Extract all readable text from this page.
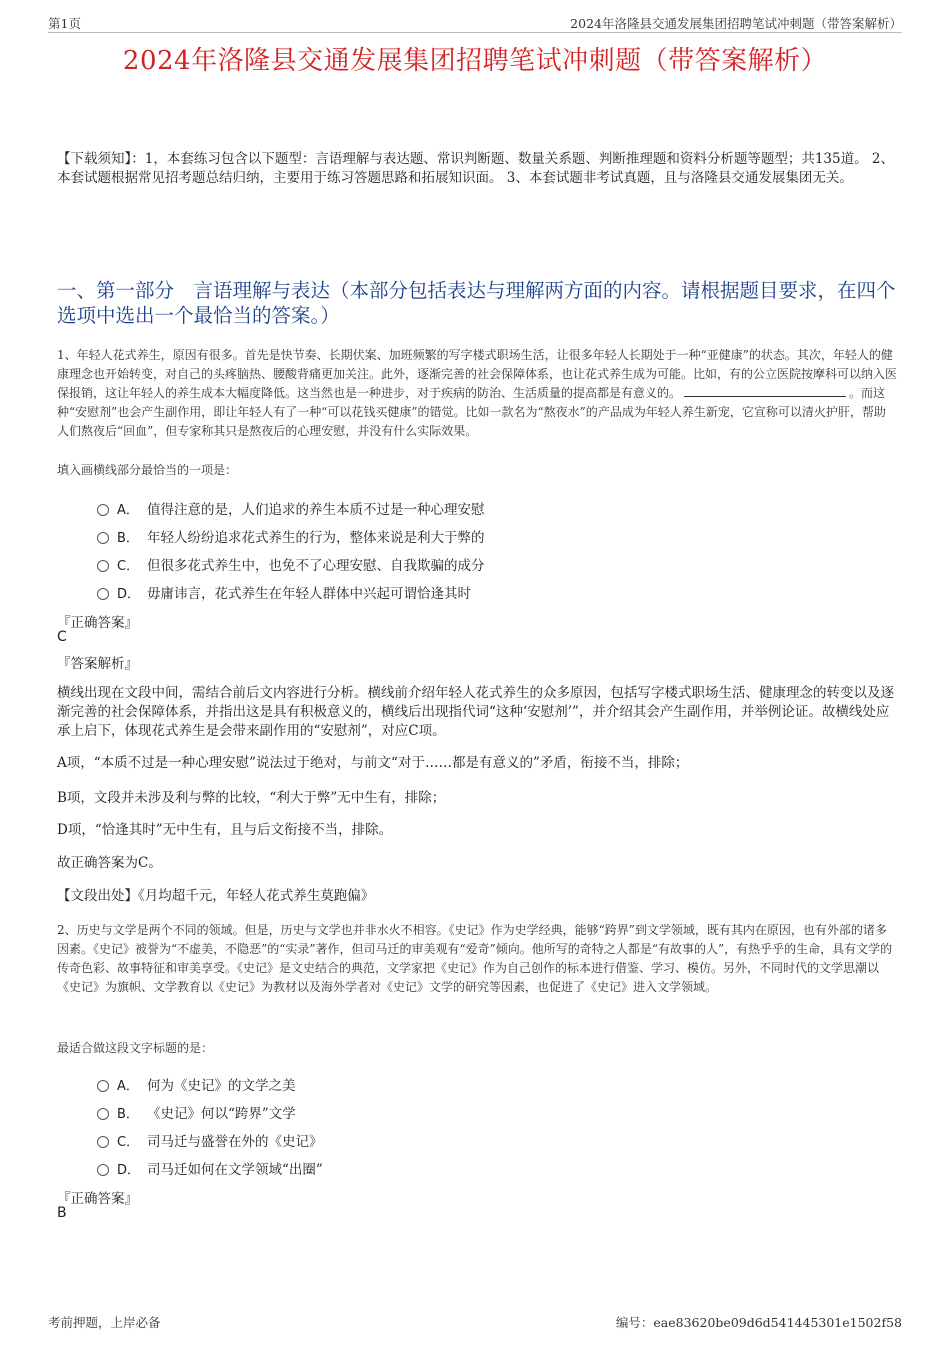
第1页	2024年洛隆县交通发展集团招聘笔试冲刺题（带答案解析）
2024年洛隆县交通发展集团招聘笔试冲刺题（带答案解析）
【下载须知】：1，本套练习包含以下题型：言语理解与表达题、常识判断题、数量关系题、判断推理题和资料分析题等题型；共135道。 2、本套试题根据常见招考题总结归纳，主要用于练习答题思路和拓展知识面。 3、本套试题非考试真题，且与洛隆县交通发展集团无关。
一、第一部分　言语理解与表达（本部分包括表达与理解两方面的内容。请根据题目要求，在四个选项中选出一个最恰当的答案。）
1、年轻人花式养生，原因有很多。首先是快节奏、长期伏案、加班频繁的写字楼式职场生活，让很多年轻人长期处于一种“亚健康”的状态。其次，年轻人的健康理念也开始转变，对自己的头疼脑热、腰酸背痛更加关注。此外，逐渐完善的社会保障体系，也让花式养生成为可能。比如，有的公立医院按摩科可以纳入医保报销，这让年轻人的养生成本大幅度降低。这当然也是一种进步，对于疾病的防治、生活质量的提高都是有意义的。	。而这种“安慰剂”也会产生副作用，即让年轻人有了一种“可以花钱买健康”的错觉。比如一款名为“熬夜水”的产品成为年轻人养生新宠，它宣称可以清火护肝，帮助人们熬夜后“回血”，但专家称其只是熬夜后的心理安慰，并没有什么实际效果。
填入画横线部分最恰当的一项是：
A． 值得注意的是，人们追求的养生本质不过是一种心理安慰
B． 年轻人纷纷追求花式养生的行为，整体来说是利大于弊的
C． 但很多花式养生中，也免不了心理安慰、自我欺骗的成分
D． 毋庸讳言，花式养生在年轻人群体中兴起可谓恰逢其时
『正确答案』
C
『答案解析』
横线出现在文段中间，需结合前后文内容进行分析。横线前介绍年轻人花式养生的众多原因，包括写字楼式职场生活、健康理念的转变以及逐渐完善的社会保障体系，并指出这是具有积极意义的，横线后出现指代词“这种‘安慰剂’”，并介绍其会产生副作用，并举例论证。故横线处应承上启下，体现花式养生是会带来副作用的“安慰剂”，对应C项。
A项，“本质不过是一种心理安慰”说法过于绝对，与前文“对于……都是有意义的”矛盾，衔接不当，排除；
B项，文段并未涉及利与弊的比较，“利大于弊”无中生有，排除；
D项，“恰逢其时”无中生有，且与后文衔接不当，排除。
故正确答案为C。
【文段出处】《月均超千元，年轻人花式养生莫跑偏》
2、历史与文学是两个不同的领域。但是，历史与文学也并非水火不相容。《史记》作为史学经典，能够“跨界”到文学领域，既有其内在原因，也有外部的诸多因素。《史记》被誉为“不虚美，不隐恶”的“实录”著作，但司马迁的审美观有“爱奇”倾向。他所写的奇特之人都是“有故事的人”，有热乎乎的生命，具有文学的传奇色彩、故事特征和审美享受。《史记》是文史结合的典范，文学家把《史记》作为自己创作的标本进行借鉴、学习、模仿。另外，不同时代的文学思潮以《史记》为旗帜、文学教育以《史记》为教材以及海外学者对《史记》文学的研究等因素，也促进了《史记》进入文学领域。
最适合做这段文字标题的是：
A． 何为《史记》的文学之美
B． 《史记》何以“跨界”文学
C． 司马迁与盛誉在外的《史记》
D． 司马迁如何在文学领域“出圈”
『正确答案』
B
考前押题，上岸必备	编号：eae83620be09d6d541445301e1502f58
